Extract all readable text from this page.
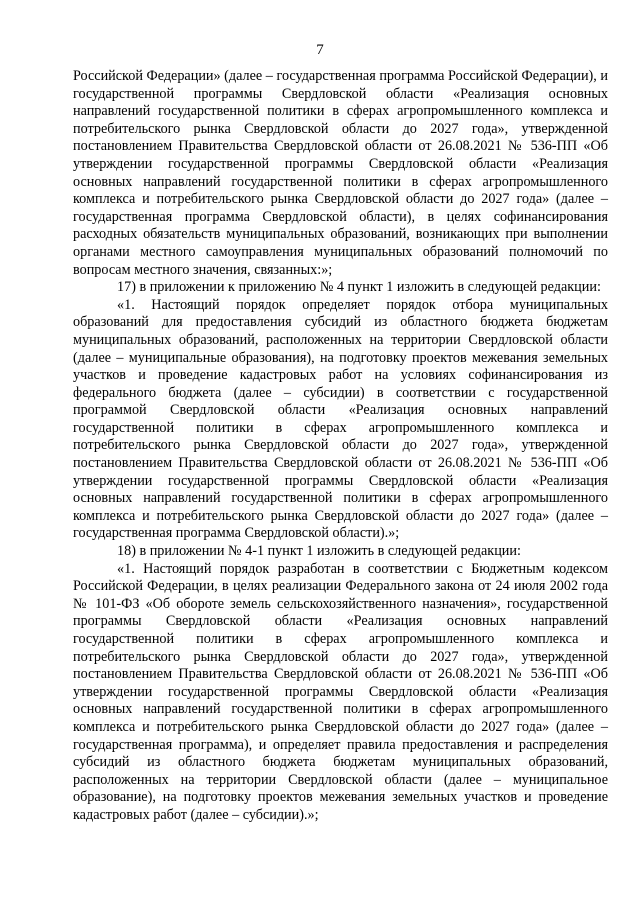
7

Российской Федерации» (далее – государственная программа Российской Федерации), и государственной программы Свердловской области «Реализация основных направлений государственной политики в сферах агропромышленного комплекса и потребительского рынка Свердловской области до 2027 года», утвержденной постановлением Правительства Свердловской области от 26.08.2021 № 536-ПП «Об утверждении государственной программы Свердловской области «Реализация основных направлений государственной политики в сферах агропромышленного комплекса и потребительского рынка Свердловской области до 2027 года» (далее – государственная программа Свердловской области), в целях софинансирования расходных обязательств муниципальных образований, возникающих при выполнении органами местного самоуправления муниципальных образований полномочий по вопросам местного значения, связанных:»;

17) в приложении к приложению № 4 пункт 1 изложить в следующей редакции:

«1. Настоящий порядок определяет порядок отбора муниципальных образований для предоставления субсидий из областного бюджета бюджетам муниципальных образований, расположенных на территории Свердловской области (далее – муниципальные образования), на подготовку проектов межевания земельных участков и проведение кадастровых работ на условиях софинансирования из федерального бюджета (далее – субсидии) в соответствии с государственной программой Свердловской области «Реализация основных направлений государственной политики в сферах агропромышленного комплекса и потребительского рынка Свердловской области до 2027 года», утвержденной постановлением Правительства Свердловской области от 26.08.2021 № 536-ПП «Об утверждении государственной программы Свердловской области «Реализация основных направлений государственной политики в сферах агропромышленного комплекса и потребительского рынка Свердловской области до 2027 года» (далее – государственная программа Свердловской области).»;

18) в приложении № 4-1 пункт 1 изложить в следующей редакции:

«1. Настоящий порядок разработан в соответствии с Бюджетным кодексом Российской Федерации, в целях реализации Федерального закона от 24 июля 2002 года № 101-ФЗ «Об обороте земель сельскохозяйственного назначения», государственной программы Свердловской области «Реализация основных направлений государственной политики в сферах агропромышленного комплекса и потребительского рынка Свердловской области до 2027 года», утвержденной постановлением Правительства Свердловской области от 26.08.2021 № 536-ПП «Об утверждении государственной программы Свердловской области «Реализация основных направлений государственной политики в сферах агропромышленного комплекса и потребительского рынка Свердловской области до 2027 года» (далее – государственная программа), и определяет правила предоставления и распределения субсидий из областного бюджета бюджетам муниципальных образований, расположенных на территории Свердловской области (далее – муниципальное образование), на подготовку проектов межевания земельных участков и проведение кадастровых работ (далее – субсидии).»;
